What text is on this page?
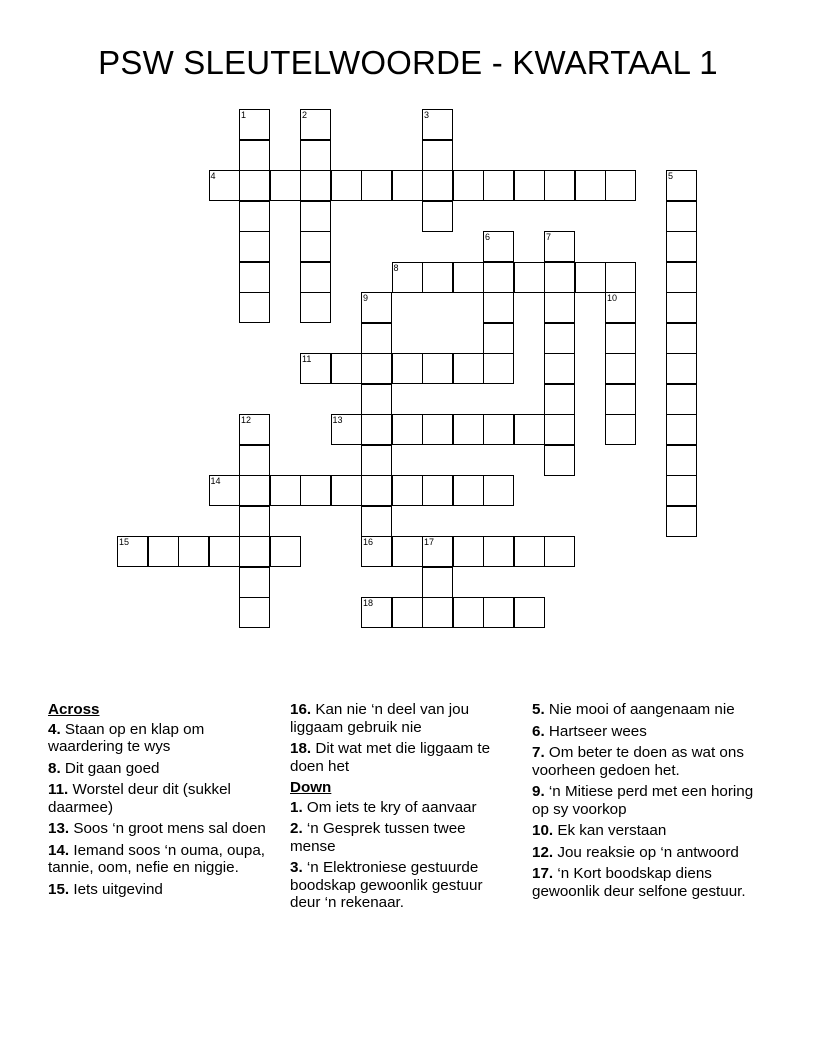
PSW SLEUTELWOORDE - KWARTAAL 1
1	2	3
4	5
6	7
8
9
16
10
11
12	13
14
15	17
18
Across
4. Staan op en klap om waardering te wys
8. Dit gaan goed
11. Worstel deur dit (sukkel daarmee)
13. Soos ‘n groot mens sal doen
14. Iemand soos ‘n ouma, oupa, tannie, oom, nefie en niggie.
15. Iets uitgevind
16. Kan nie ‘n deel van jou liggaam gebruik nie
18. Dit wat met die liggaam te doen het
Down
1. Om iets te kry of aanvaar
2. ‘n Gesprek tussen twee mense
3. ‘n Elektroniese gestuurde boodskap gewoonlik gestuur deur ‘n rekenaar.
5. Nie mooi of aangenaam nie
6. Hartseer wees
7. Om beter te doen as wat ons voorheen gedoen het.
9. ‘n Mitiese perd met een horing op sy voorkop
10. Ek kan verstaan
12. Jou reaksie op ‘n antwoord
17. ‘n Kort boodskap diens gewoonlik deur selfone gestuur.
